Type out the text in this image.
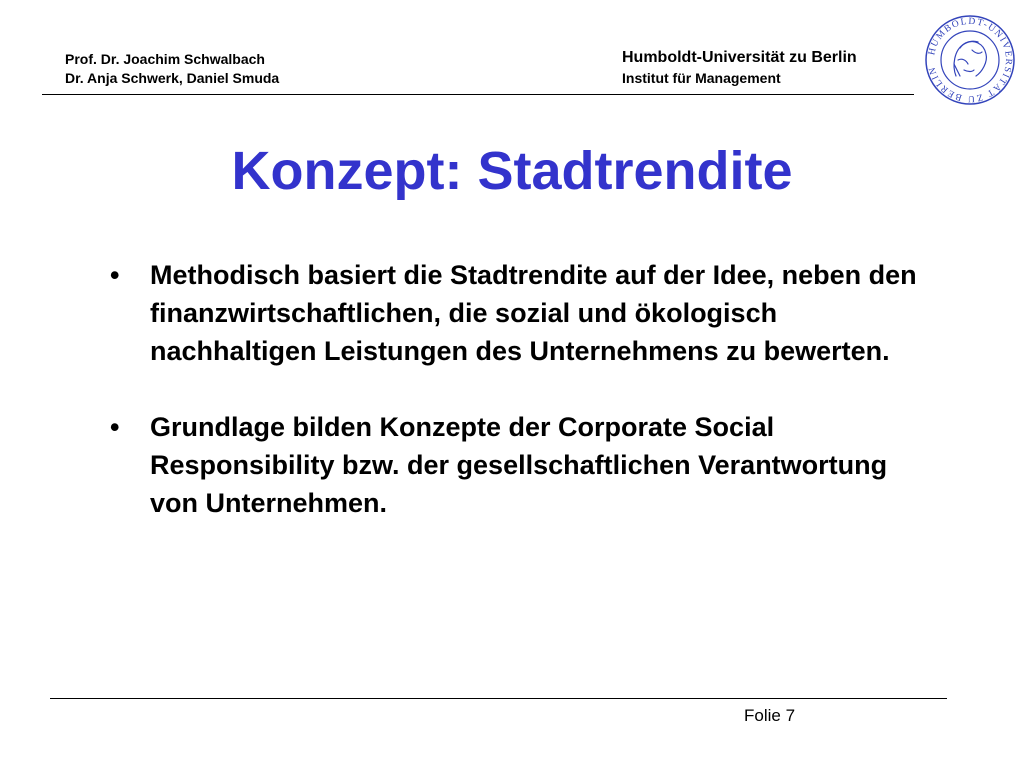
Prof. Dr. Joachim Schwalbach
Dr. Anja Schwerk, Daniel Smuda
Humboldt-Universität zu Berlin
Institut für Management
HUMBOLDT-UNIVERSITÄT ZU BERLIN
Konzept: Stadtrendite
• Methodisch basiert die Stadtrendite auf der Idee, neben den finanzwirtschaftlichen, die sozial und ökologisch nachhaltigen Leistungen des Unternehmens zu bewerten.
• Grundlage bilden Konzepte der Corporate Social Responsibility bzw. der gesellschaftlichen Verantwortung von Unternehmen.
Folie 7
